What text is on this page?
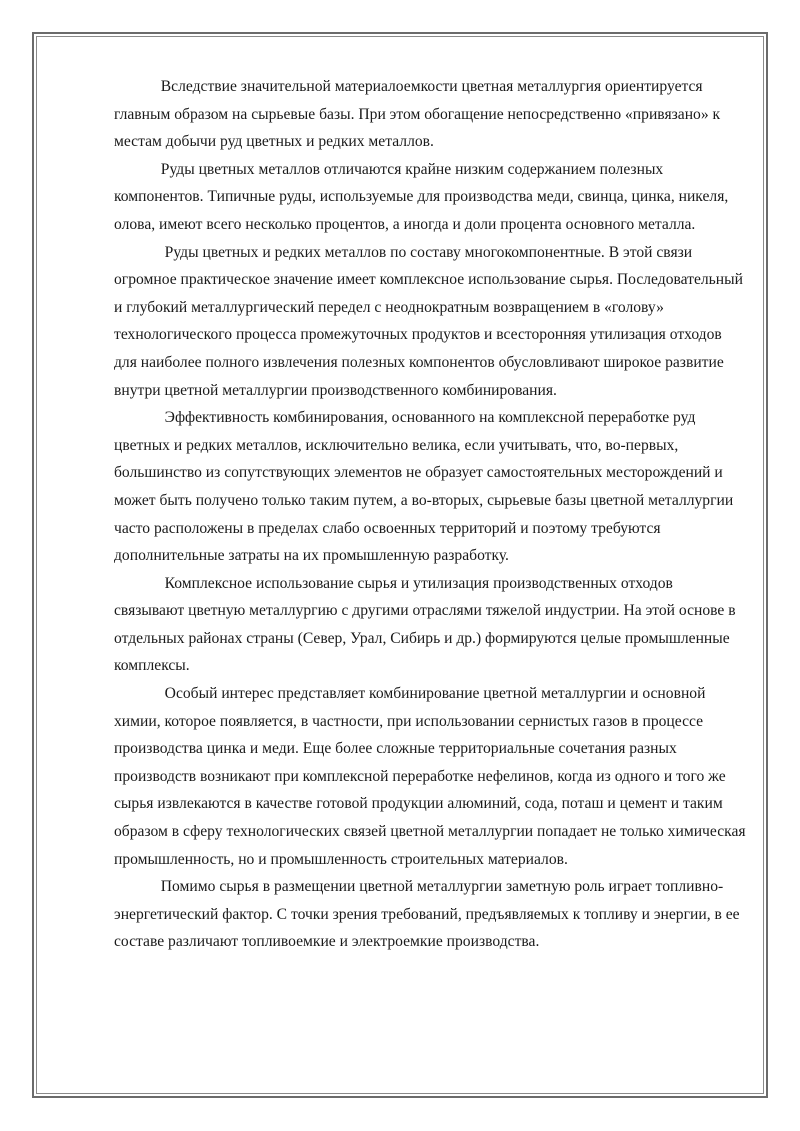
Вследствие значительной материалоемкости цветная металлургия ориентируется главным образом на сырьевые базы. При этом обогащение непосредственно «привязано» к местам добычи руд цветных и редких металлов.

Руды цветных металлов отличаются крайне низким содержанием полезных компонентов. Типичные руды, используемые для производства меди, свинца, цинка, никеля, олова, имеют всего несколько процентов, а иногда и доли процента основного металла.

Руды цветных и редких металлов по составу многокомпонентные. В этой связи огромное практическое значение имеет комплексное использование сырья. Последовательный и глубокий металлургический передел с неоднократным возвращением в «голову» технологического процесса промежуточных продуктов и всесторонняя утилизация отходов для наиболее полного извлечения полезных компонентов обусловливают широкое развитие внутри цветной металлургии производственного комбинирования.

Эффективность комбинирования, основанного на комплексной переработке руд цветных и редких металлов, исключительно велика, если учитывать, что, во-первых, большинство из сопутствующих элементов не образует самостоятельных месторождений и может быть получено только таким путем, а во-вторых, сырьевые базы цветной металлургии часто расположены в пределах слабо освоенных территорий и поэтому требуются дополнительные затраты на их промышленную разработку.

Комплексное использование сырья и утилизация производственных отходов связывают цветную металлургию с другими отраслями тяжелой индустрии. На этой основе в отдельных районах страны (Север, Урал, Сибирь и др.) формируются целые промышленные комплексы.

Особый интерес представляет комбинирование цветной металлургии и основной химии, которое появляется, в частности, при использовании сернистых газов в процессе производства цинка и меди. Еще более сложные территориальные сочетания разных производств возникают при комплексной переработке нефелинов, когда из одного и того же сырья извлекаются в качестве готовой продукции алюминий, сода, поташ и цемент и таким образом в сферу технологических связей цветной металлургии попадает не только химическая промышленность, но и промышленность строительных материалов.

Помимо сырья в размещении цветной металлургии заметную роль играет топливно-энергетический фактор. С точки зрения требований, предъявляемых к топливу и энергии, в ее составе различают топливоемкие и электроемкие производства.
